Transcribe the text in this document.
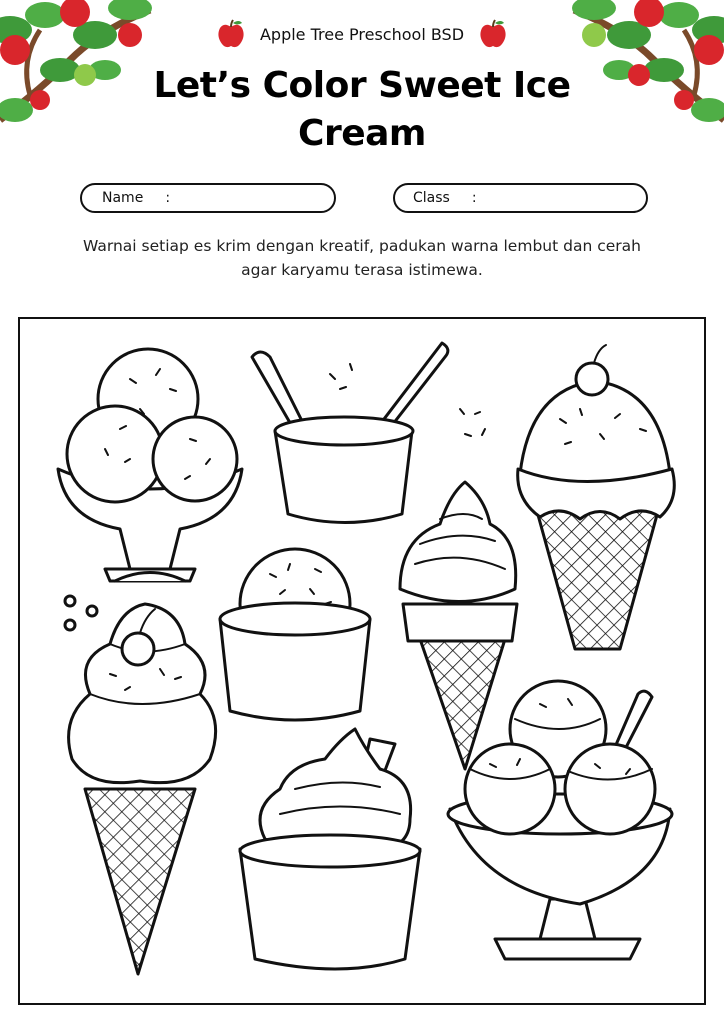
Apple Tree Preschool BSD
Let’s Color Sweet Ice Cream
Name :	Class :
Warnai setiap es krim dengan kreatif, padukan warna lembut dan cerah agar karyamu terasa istimewa.
